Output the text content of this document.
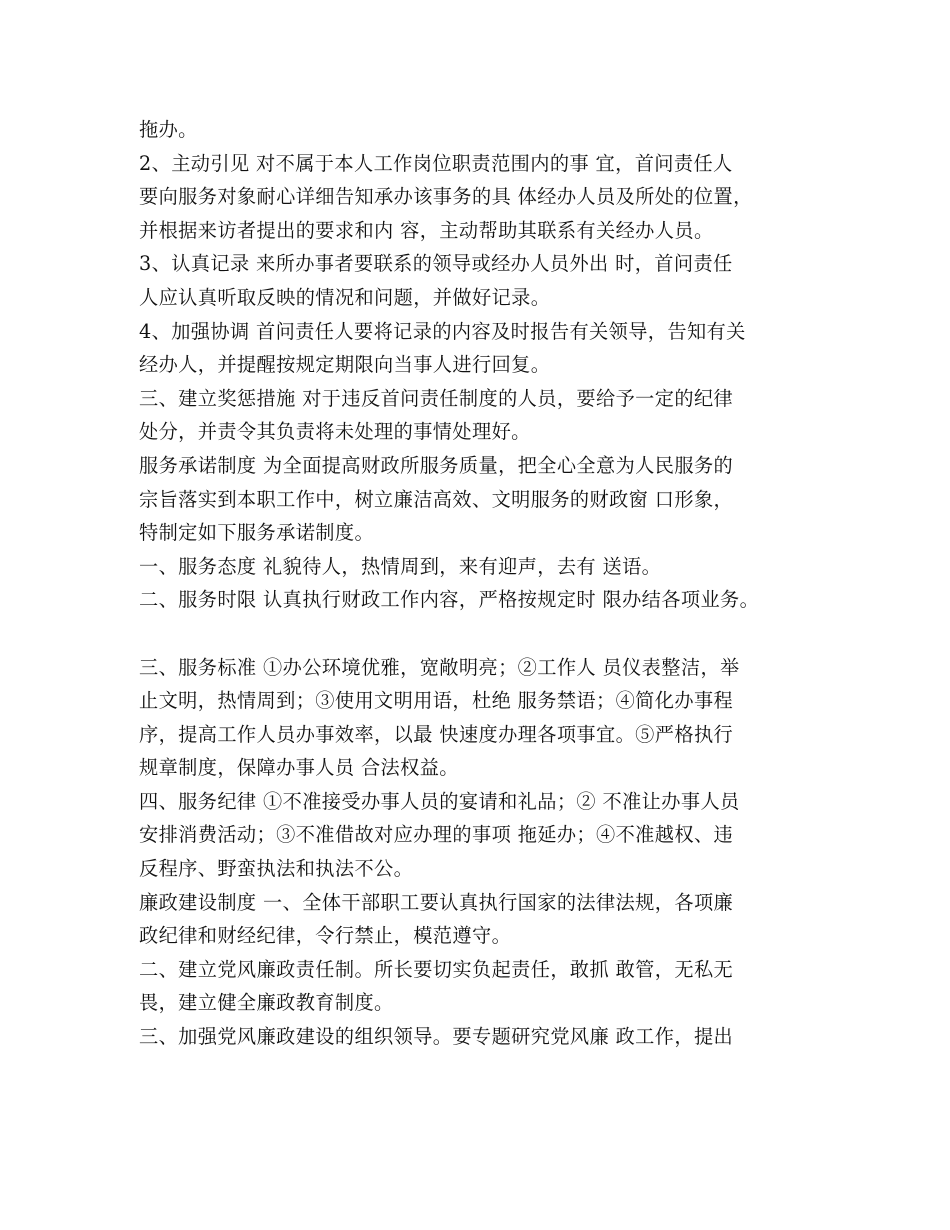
拖办。
2、主动引见 对不属于本人工作岗位职责范围内的事 宜，首问责任人
要向服务对象耐心详细告知承办该事务的具 体经办人员及所处的位置，
并根据来访者提出的要求和内 容，主动帮助其联系有关经办人员。
3、认真记录 来所办事者要联系的领导或经办人员外出 时，首问责任
人应认真听取反映的情况和问题，并做好记录。
4、加强协调 首问责任人要将记录的内容及时报告有关领导，告知有关
经办人，并提醒按规定期限向当事人进行回复。
三、建立奖惩措施 对于违反首问责任制度的人员，要给予一定的纪律
处分，并责令其负责将未处理的事情处理好。
服务承诺制度 为全面提高财政所服务质量，把全心全意为人民服务的
宗旨落实到本职工作中，树立廉洁高效、文明服务的财政窗 口形象，
特制定如下服务承诺制度。
一、服务态度 礼貌待人，热情周到，来有迎声，去有 送语。
二、服务时限 认真执行财政工作内容，严格按规定时 限办结各项业务。
三、服务标准 ①办公环境优雅，宽敞明亮；②工作人 员仪表整洁，举
止文明，热情周到；③使用文明用语，杜绝 服务禁语；④简化办事程
序，提高工作人员办事效率，以最 快速度办理各项事宜。⑤严格执行
规章制度，保障办事人员 合法权益。
四、服务纪律 ①不准接受办事人员的宴请和礼品；② 不准让办事人员
安排消费活动；③不准借故对应办理的事项 拖延办；④不准越权、违
反程序、野蛮执法和执法不公。
廉政建设制度 一、全体干部职工要认真执行国家的法律法规，各项廉
政纪律和财经纪律，令行禁止，模范遵守。
二、建立党风廉政责任制。所长要切实负起责任，敢抓 敢管，无私无
畏，建立健全廉政教育制度。
三、加强党风廉政建设的组织领导。要专题研究党风廉 政工作，提出
